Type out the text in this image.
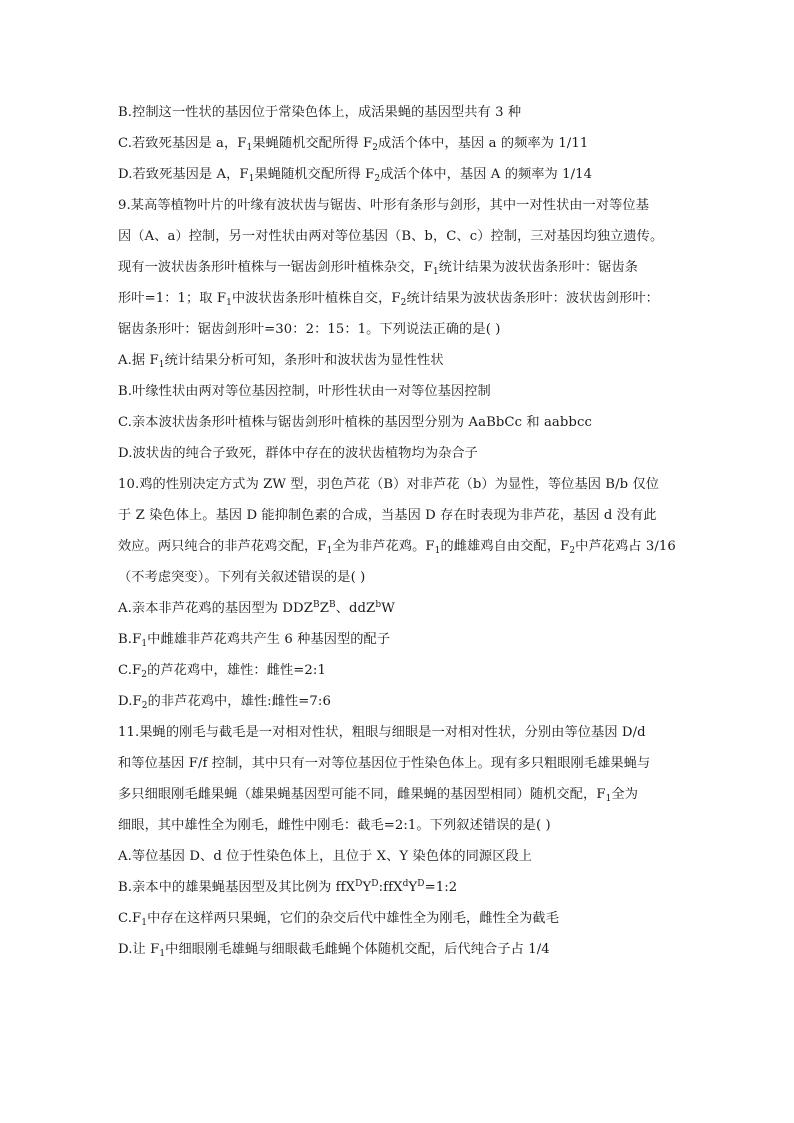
B.控制这一性状的基因位于常染色体上，成活果蝇的基因型共有 3 种
C.若致死基因是 a，$F_1$果蝇随机交配所得 $F_2$成活个体中，基因 a 的频率为 1/11
D.若致死基因是 A，$F_1$果蝇随机交配所得 $F_2$成活个体中，基因 A 的频率为 1/14
9.某高等植物叶片的叶缘有波状齿与锯齿、叶形有条形与剑形，其中一对性状由一对等位基
因（A、a）控制，另一对性状由两对等位基因（B、b，C、c）控制，三对基因均独立遗传。
现有一波状齿条形叶植株与一锯齿剑形叶植株杂交，$F_1$统计结果为波状齿条形叶：锯齿条
形叶=1：1；取 $F_1$中波状齿条形叶植株自交，$F_2$统计结果为波状齿条形叶：波状齿剑形叶：
锯齿条形叶：锯齿剑形叶=30：2：15：1。下列说法正确的是( )
A.据 $F_1$统计结果分析可知，条形叶和波状齿为显性性状
B.叶缘性状由两对等位基因控制，叶形性状由一对等位基因控制
C.亲本波状齿条形叶植株与锯齿剑形叶植株的基因型分别为 AaBbCc 和 aabbcc
D.波状齿的纯合子致死，群体中存在的波状齿植物均为杂合子
10.鸡的性别决定方式为 ZW 型，羽色芦花（B）对非芦花（b）为显性，等位基因 B/b 仅位
于 Z 染色体上。基因 D 能抑制色素的合成，当基因 D 存在时表现为非芦花，基因 d 没有此
效应。两只纯合的非芦花鸡交配，$F_1$全为非芦花鸡。$F_1$的雌雄鸡自由交配，$F_2$中芦花鸡占 3/16
（不考虑突变）。下列有关叙述错误的是( )
A.亲本非芦花鸡的基因型为 $DDZ^BZ^B$、ddZ$^b$W
$B.F_1$中雌雄非芦花鸡共产生 6 种基因型的配子
$C.F_2$的芦花鸡中，雄性：雌性=2:1
$D.F_2$的非芦花鸡中，雄性:雌性=7:6
11.果蝇的刚毛与截毛是一对相对性状，粗眼与细眼是一对相对性状，分别由等位基因 D/d
和等位基因 F/f 控制，其中只有一对等位基因位于性染色体上。现有多只粗眼刚毛雄果蝇与
多只细眼刚毛雌果蝇（雄果蝇基因型可能不同，雌果蝇的基因型相同）随机交配，$F_1$全为
细眼，其中雄性全为刚毛，雌性中刚毛：截毛=2:1。下列叙述错误的是( )
A.等位基因 D、d 位于性染色体上，且位于 X、Y 染色体的同源区段上
B.亲本中的雄果蝇基因型及其比例为 $ffX^DY^D:ffX^dY^D=1:2$
$C.F_1$中存在这样两只果蝇，它们的杂交后代中雄性全为刚毛，雌性全为截毛
D.让 $F_1$中细眼刚毛雄蝇与细眼截毛雌蝇个体随机交配，后代纯合子占 1/4
